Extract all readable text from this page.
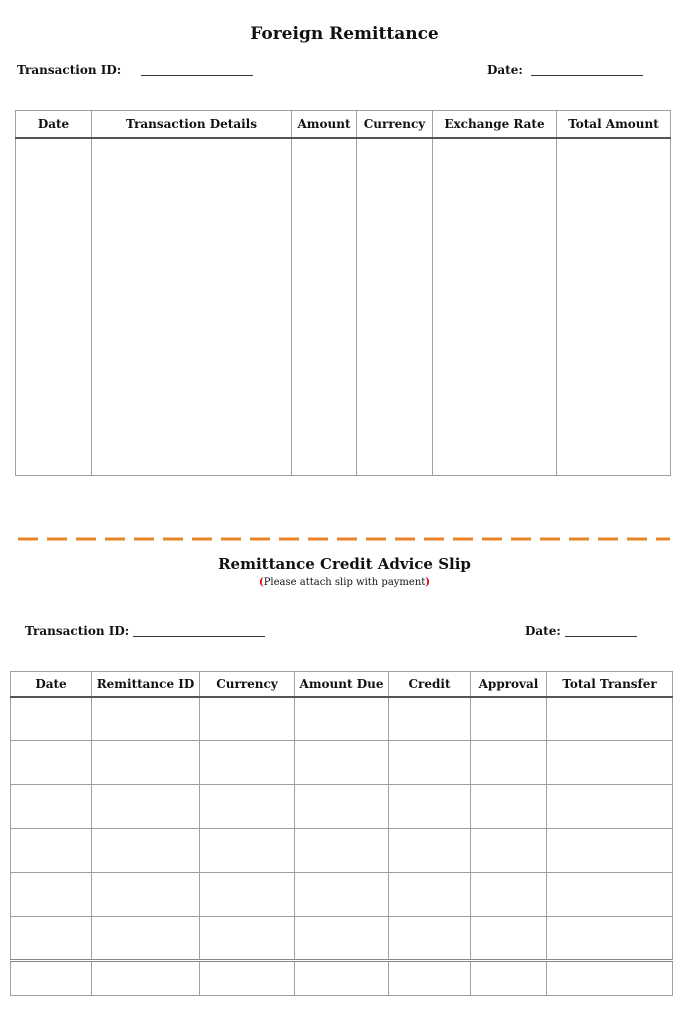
Foreign Remittance
Transaction ID:	Date:
Date	Transaction Details	Amount	Currency	Exchange Rate	Total Amount

Remittance Credit Advice Slip
(Please attach slip with payment)
Transaction ID:	Date:
Date	Remittance ID	Currency	Amount Due	Credit	Approval	Total Transfer
